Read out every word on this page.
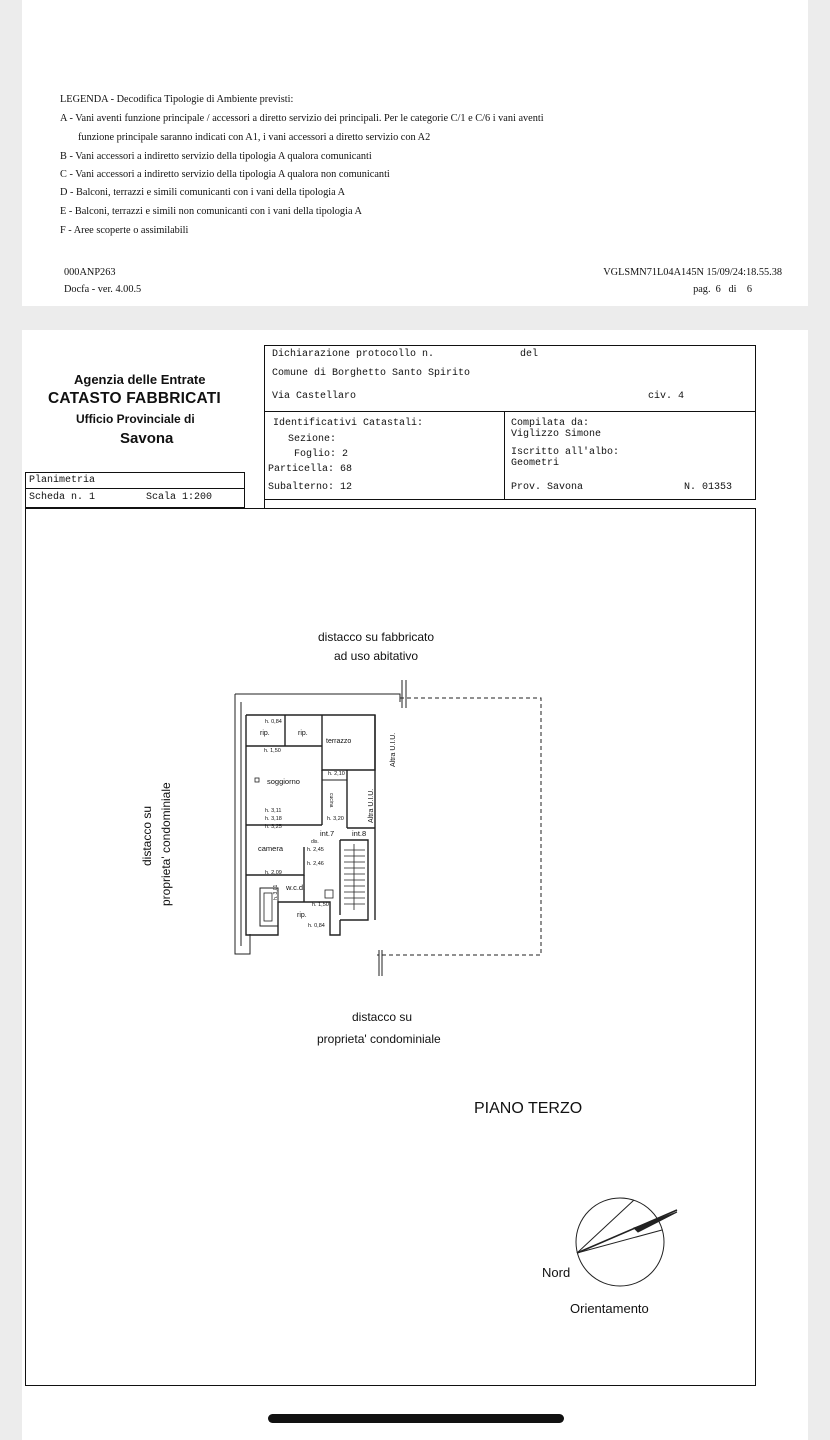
LEGENDA - Decodifica Tipologie di Ambiente previsti:
A - Vani aventi funzione principale / accessori a diretto servizio dei principali. Per le categorie C/1 e C/6 i vani aventi
funzione principale saranno indicati con A1, i vani accessori a diretto servizio con A2
B - Vani accessori a indiretto servizio della tipologia A qualora comunicanti
C - Vani accessori a indiretto servizio della tipologia A qualora non comunicanti
D - Balconi, terrazzi e simili comunicanti con i vani della tipologia A
E - Balconi, terrazzi e simili non comunicanti con i vani della tipologia A
F - Aree scoperte o assimilabili
000ANP263
Docfa - ver. 4.00.5
VGLSMN71L04A145N 15/09/24:18.55.38
pag.  6   di    6
Agenzia delle Entrate
CATASTO FABBRICATI
Ufficio Provinciale di
Savona
Planimetria
Scheda n. 1	Scala 1:200
Dichiarazione protocollo n.	del
Comune di Borghetto Santo Spirito
Via Castellaro	civ. 4
Identificativi Catastali:
Sezione:
Foglio: 2
Particella: 68
Subalterno: 12
Compilata da:
Viglizzo Simone
Iscritto all'albo:
Geometri
Prov. Savona	N. 01353
h. 0,84
rip.	rip.
h. 1,50
terrazzo
h. 2,10
soggiorno
cucina
h. 3,11
h. 3,18
h. 3,25
h. 3,20
int.7 int.8
dis.
camera	h. 2,45
h. 2,46
h. 2,09
w.c.d.
h. 3,01
h. 1,50
rip.
h. 0,84
Altra U.I.U.
Altra U.I.U.
distacco su fabbricato
ad uso abitativo
distacco su proprieta' condominiale
distacco su
proprieta' condominiale
PIANO TERZO
Nord
Orientamento
